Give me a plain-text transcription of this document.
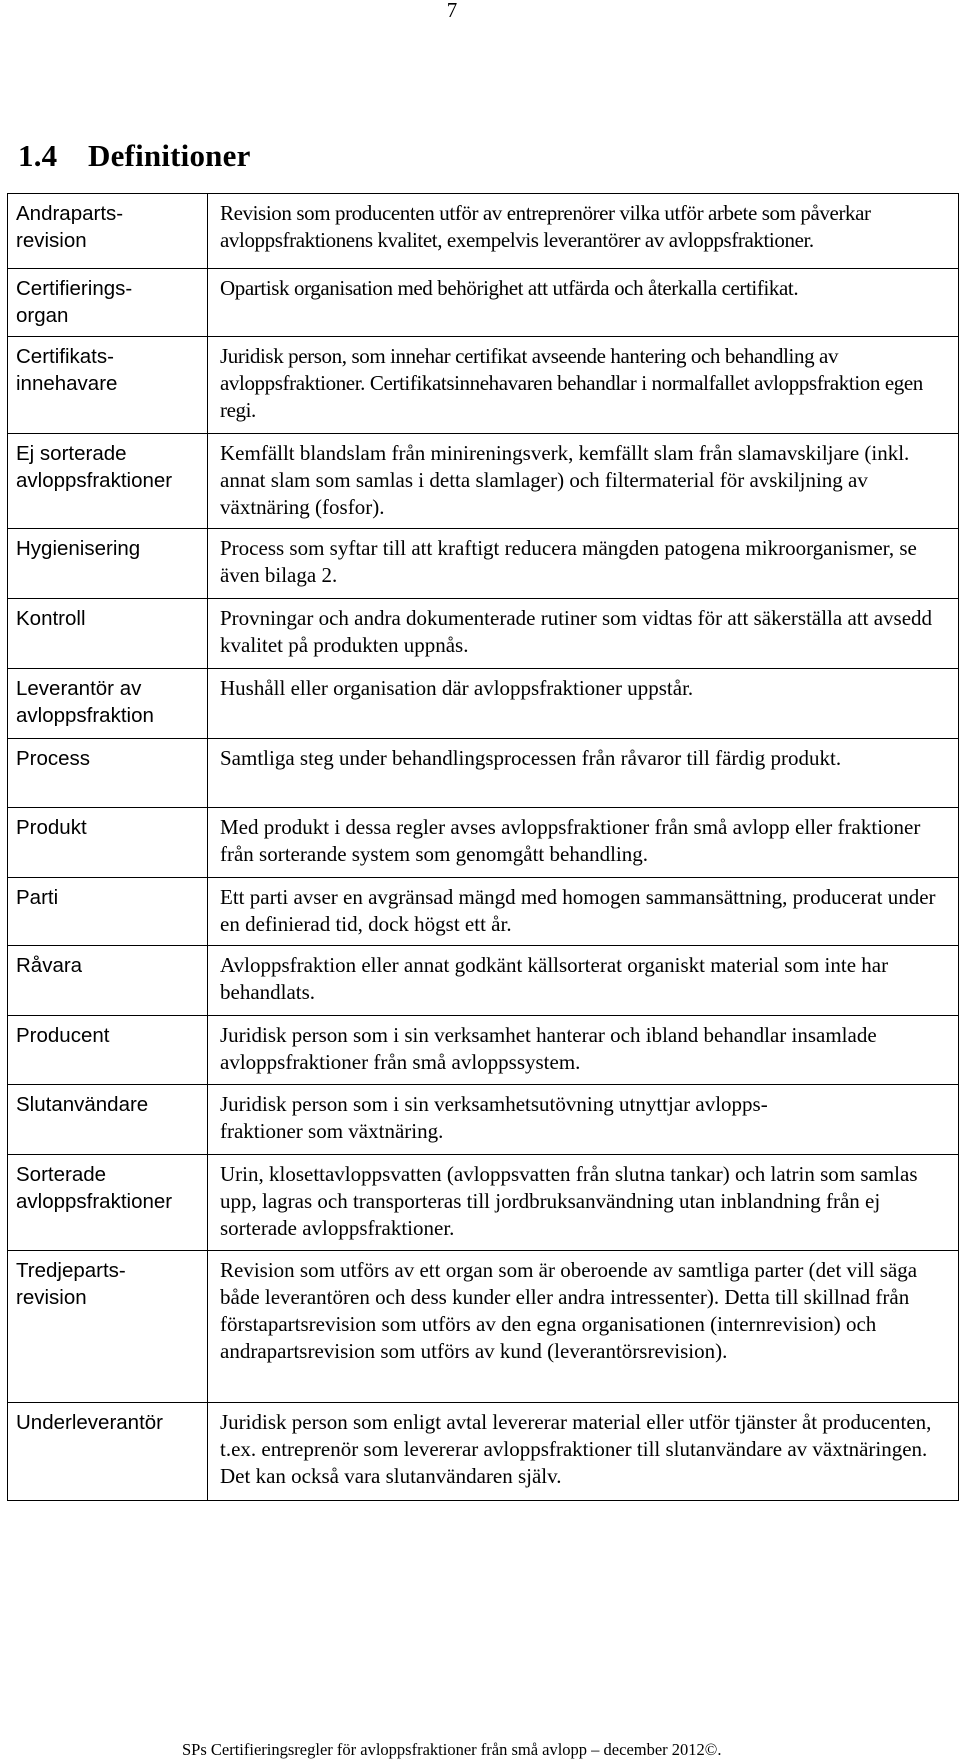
7
1.4 Definitioner
Andraparts-
revision	Revision som producenten utför av entreprenörer vilka utför arbete som påverkar avloppsfraktionens kvalitet, exempelvis leverantörer av avloppsfraktioner.
Certifierings-
organ	Opartisk organisation med behörighet att utfärda och återkalla certifikat.
Certifikats-
innehavare	Juridisk person, som innehar certifikat avseende hantering och behandling av avloppsfraktioner. Certifikatsinnehavaren behandlar i normalfallet avloppsfraktion egen regi.
Ej sorterade
avloppsfraktioner	Kemfällt blandslam från minireningsverk, kemfällt slam från slamavskiljare (inkl. annat slam som samlas i detta slamlager) och filtermaterial för avskiljning av växtnäring (fosfor).
Hygienisering	Process som syftar till att kraftigt reducera mängden patogena mikroorganismer, se även bilaga 2.
Kontroll	Provningar och andra dokumenterade rutiner som vidtas för att säkerställa att avsedd kvalitet på produkten uppnås.
Leverantör av
avloppsfraktion	Hushåll eller organisation där avloppsfraktioner uppstår.
Process	Samtliga steg under behandlingsprocessen från råvaror till färdig produkt.
Produkt	Med produkt i dessa regler avses avloppsfraktioner från små avlopp eller fraktioner från sorterande system som genomgått behandling.
Parti	Ett parti avser en avgränsad mängd med homogen sammansättning, producerat under en definierad tid, dock högst ett år.
Råvara	Avloppsfraktion eller annat godkänt källsorterat organiskt material som inte har behandlats.
Producent	Juridisk person som i sin verksamhet hanterar och ibland behandlar insamlade avloppsfraktioner från små avloppssystem.
Slutanvändare	Juridisk person som i sin verksamhetsutövning utnyttjar avlopps-
fraktioner som växtnäring.
Sorterade
avloppsfraktioner	Urin, klosettavloppsvatten (avloppsvatten från slutna tankar) och latrin som samlas upp, lagras och transporteras till jordbruksanvändning utan inblandning från ej sorterade avloppsfraktioner.
Tredjeparts-
revision	Revision som utförs av ett organ som är oberoende av samtliga parter (det vill säga både leverantören och dess kunder eller andra intressenter). Detta till skillnad från förstapartsrevision som utförs av den egna organisationen (internrevision) och andrapartsrevision som utförs av kund (leverantörsrevision).
Underleverantör	Juridisk person som enligt avtal levererar material eller utför tjänster åt producenten, t.ex. entreprenör som levererar avloppsfraktioner till slutanvändare av växtnäringen. Det kan också vara slutanvändaren själv.
SPs Certifieringsregler för avloppsfraktioner från små avlopp – december 2012©.
